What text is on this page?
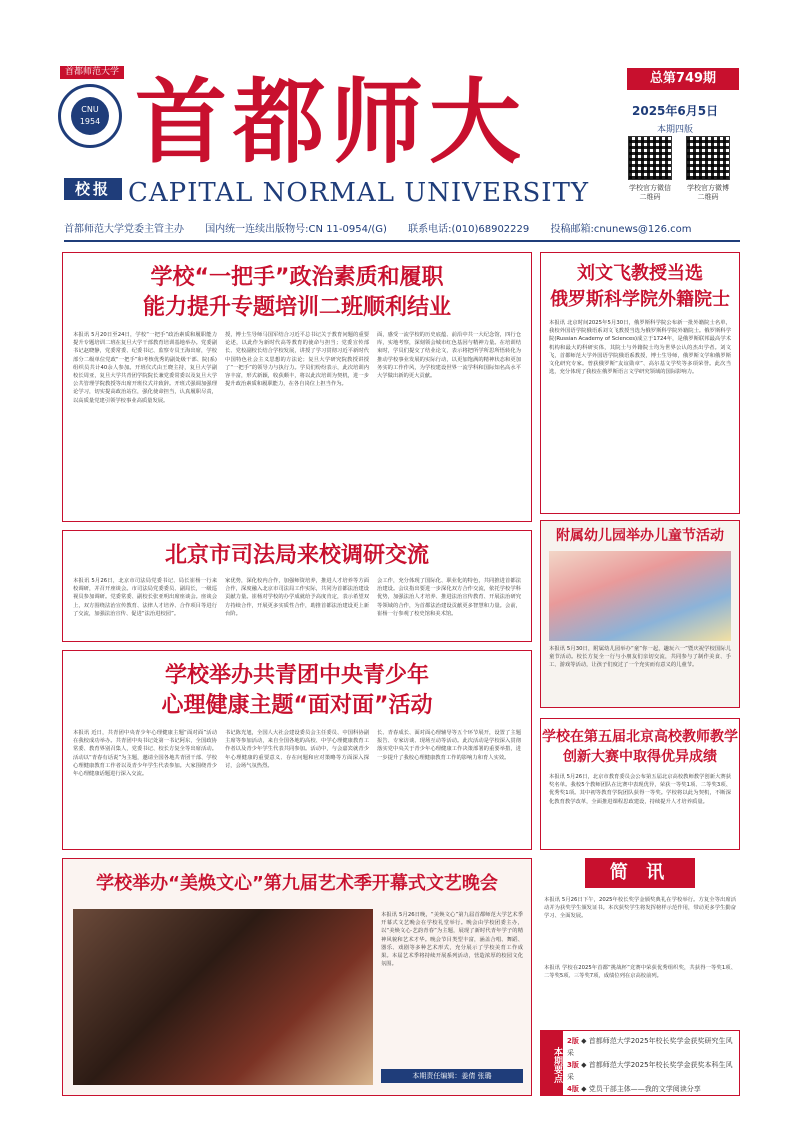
首都师范大学
CNU
1954
校报
首都师大
CAPITAL NORMAL UNIVERSITY
总第749期
2025年6月5日
本期四版
学校官方微信
二维码
学校官方微博
二维码
首都师范大学党委主管主办 国内统一连续出版物号:CN 11-0954/(G) 联系电话:(010)68902229 投稿邮箱:cnunews@126.com
学校“一把手”政治素质和履职
能力提升专题培训二班顺利结业
本报讯 5月20日至24日，学校“一把手”政治素质和履职能力提升专题培训二班在复旦大学干部教育培训基地举办。党委副书记赵晓静，党委常委、纪委书记、监察专员王海出席，学校部分二级单位党政“一把手”和考核优秀的副处级干部、院(系)组织员共计40余人参加。开班仪式由王晓主持，复旦大学副校长周亚，复旦大学共青团学院院长兼党委常委以及复旦大学公共管理学院教授等出席开班仪式并致辞。开班式强调加强理论学习，切实提高政治站位，强化使命担当，认真履职尽责，以高质量党建引领学校事业高质量发展。
授，博士生导师马国军结合习近平总书记关于教育问题的重要论述，以此作为新时代高等教育的使命与担当；党委宣传部长、党校副校长结合学校发展，讲授了学习贯彻习近平新时代中国特色社会主义思想的方法论；复旦大学研究院教授讲授了“一把手”的领导力与执行力。学员们纷纷表示，此次培训内容丰富，形式新颖，收获颇丰，将以此次培训为契机，进一步提升政治素质和履职能力，在各自岗位上担当作为。
面，感受一流学校的历史底蕴、前沿中共一大纪念馆，四行仓库，实地考察，深刻领会城市红色基因与精神力量。在培训结束时，学员们提交了结业论文，表示将把所学所思所悟转化为推动学校事业发展的实际行动，以更加饱满的精神状态和更加务实的工作作风，为学校建设世界一流学科和国际知名高水平大学做出新的更大贡献。
刘文飞教授当选
俄罗斯科学院外籍院士
本报讯 北京时间2025年5月30日，俄罗斯科学院公布新一批外籍院士名单，我校外国语学院俄语系刘文飞教授当选为俄罗斯科学院外籍院士。俄罗斯科学院(Russian Academy of Sciences)成立于1724年，是俄罗斯联邦最高学术机构和最大的科研实体，其院士与外籍院士均为世界公认的杰出学者。刘文飞，首都师范大学外国语学院俄语系教授，博士生导师，俄罗斯文学和俄罗斯文化研究专家。曾获俄罗斯“友谊勋章”、高尔基文学奖等多项荣誉。此次当选，充分体现了我校在俄罗斯语言文学研究领域的国际影响力。
附属幼儿园举办儿童节活动
本报讯 5月30日，附属幼儿园举办“童”你一起，趣玩六一”暨庆祝学校国际儿童节活动。校长方复全一行与小朋友们亲切交流，共同参与了制作美食、手工、游戏等活动，让孩子们度过了一个充实而有意义的儿童节。
北京市司法局来校调研交流
本报讯 5月26日，北京市司法局党委书记、局长崔杨一行来校调研，并召开座谈会。市司法局党委委员、副局长，一级巡视员参加调研。党委常委、副校长张亚明出席座谈会。座谈会上，双方围绕法治宣传教育、法律人才培养、合作项目等进行了交流，加强法治宣传、促进“法治进校园”。
家优势，深化校内合作，加强师资培养，推进人才培养等方面合作，深度融入北京市司法局工作实际，共同为首都法治建设贡献力量。崔杨对学校的办学成就给予高度肯定，表示希望双方持续合作，开展更多实质性合作，助推首都法治建设更上新台阶。
会工作，充分体现了国际化、职业化的特色，共同推进首都法治建设。会议指出要进一步深化双方合作交流，依托学校学科优势，加强法治人才培养、推进法治宣传教育、开展法治研究等领域的合作，为首都法治建设贡献更多智慧和力量。会前，崔杨一行参观了校史馆和美术馆。
学校举办共青团中央青少年
心理健康主题“面对面”活动
本报讯 近日，共青团中央青少年心理健康主题“面对面”活动在我校成功举办。共青团中央书记处第一书记阿东，全国政协常委、教育界别召集人，党委书记、校长方复全等出席活动。活动以“青春有话说”为主题，邀请全国各地共青团干部、学校心理健康教育工作者以及青少年学生代表参加。大家围绕青少年心理健康话题进行深入交流。
书记陈光旭，全国人大社会建设委员会主任委员、中国科协副主席等参加活动，来自全国各地的高校、中学心理健康教育工作者以及青少年学生代表共同参加。活动中，与会嘉宾就青少年心理健康的重要意义、存在问题和应对策略等方面深入探讨，会场气氛热烈。
长、青春成长、面对面心理辅导等五个环节展开，设置了主题报告、专家访谈、现场互动等活动。此次活动是学校深入贯彻落实党中央关于青少年心理健康工作决策部署的重要举措，进一步提升了我校心理健康教育工作的影响力和育人实效。
学校在第五届北京高校教师教学
创新大赛中取得优异成绩
本报讯 5月26日，北京市教育委员会公布第五届北京高校教师教学创新大赛获奖名单。我校5个教师团队在比赛中表现优异，荣获一等奖1项、二等奖3项、优秀奖1项。其中初等教育学院团队获得一等奖。学校将以此为契机，不断深化教育教学改革，全面推进课程思政建设，持续提升人才培养质量。
学校举办“美焕文心”第九届艺术季开幕式文艺晚会
本报讯 5月26日晚，“美焕文心”第九届首都师范大学艺术季开幕式文艺晚会在学校礼堂举行。晚会由学校团委主办，以“美焕文心·艺韵青春”为主题，展现了新时代青年学子的精神风貌和艺术才华。晚会节目类型丰富，涵盖合唱、舞蹈、器乐、戏剧等多种艺术形式，充分展示了学校美育工作成果。本届艺术季将持续开展系列活动，营造浓厚的校园文化氛围。
本期责任编辑：姜倩 张璐
简 讯
本报讯 5月26日下午，2025年校长奖学金颁奖典礼在学校举行。方复全等出席活动并为获奖学生颁发证书。本次获奖学生将发挥榜样示范作用，带动更多学生勤奋学习、全面发展。
本报讯 学校在2025年首都“挑战杯”竞赛中荣获优秀组织奖，共获得一等奖1项、二等奖5项、三等奖7项，成绩位列在京高校前列。
本期要点
2版 ◆ 首都师范大学2025年校长奖学金获奖研究生风采
3版 ◆ 首都师范大学2025年校长奖学金获奖本科生风采
4版 ◆ 党员干部主体——我的文学阅读分享
